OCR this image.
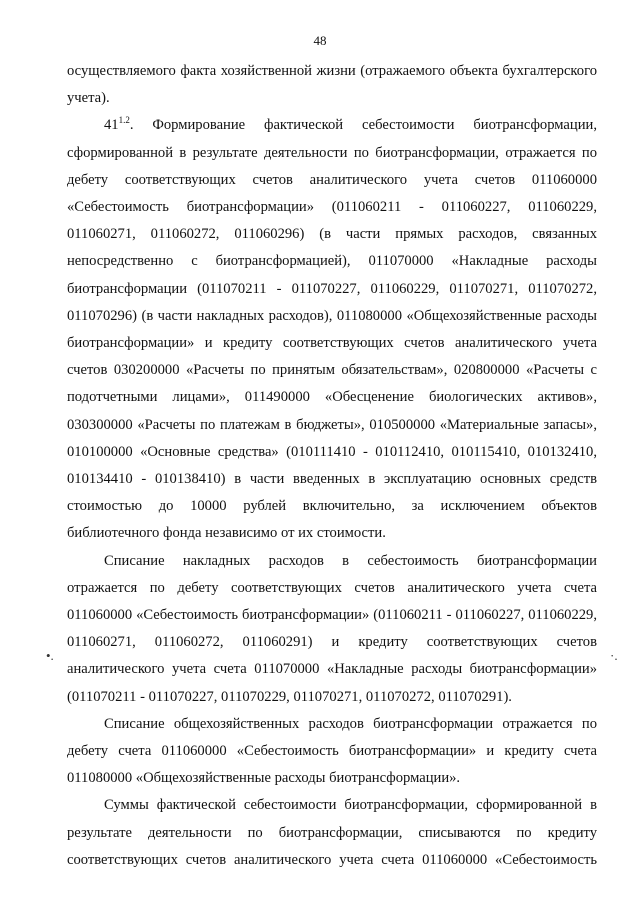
48
•.	·.

осуществляемого факта хозяйственной жизни (отражаемого объекта бухгалтерского учета).

$41^{1.2}$. Формирование фактической себестоимости биотрансформации, сформированной в результате деятельности по биотрансформации, отражается по дебету соответствующих счетов аналитического учета счетов 011060000 «Себестоимость биотрансформации» (011060211 - 011060227, 011060229, 011060271, 011060272, 011060296) (в части прямых расходов, связанных непосредственно с биотрансформацией), 011070000 «Накладные расходы биотрансформации (011070211 - 011070227, 011060229, 011070271, 011070272, 011070296) (в части накладных расходов), 011080000 «Общехозяйственные расходы биотрансформации» и кредиту соответствующих счетов аналитического учета счетов 030200000 «Расчеты по принятым обязательствам», 020800000 «Расчеты с подотчетными лицами», 011490000 «Обесценение биологических активов», 030300000 «Расчеты по платежам в бюджеты», 010500000 «Материальные запасы», 010100000 «Основные средства» (010111410 - 010112410, 010115410, 010132410, 010134410 - 010138410) в части введенных в эксплуатацию основных средств стоимостью до 10000 рублей включительно, за исключением объектов библиотечного фонда независимо от их стоимости.

Списание накладных расходов в себестоимость биотрансформации отражается по дебету соответствующих счетов аналитического учета счета 011060000 «Себестоимость биотрансформации» (011060211 - 011060227, 011060229, 011060271, 011060272, 011060291) и кредиту соответствующих счетов аналитического учета счета 011070000 «Накладные расходы биотрансформации» (011070211 - 011070227, 011070229, 011070271, 011070272, 011070291).

Списание общехозяйственных расходов биотрансформации отражается по дебету счета 011060000 «Себестоимость биотрансформации» и кредиту счета 011080000 «Общехозяйственные расходы биотрансформации».

Суммы фактической себестоимости биотрансформации, сформированной в результате деятельности по биотрансформации, списываются по кредиту соответствующих счетов аналитического учета счета 011060000 «Себестоимость
